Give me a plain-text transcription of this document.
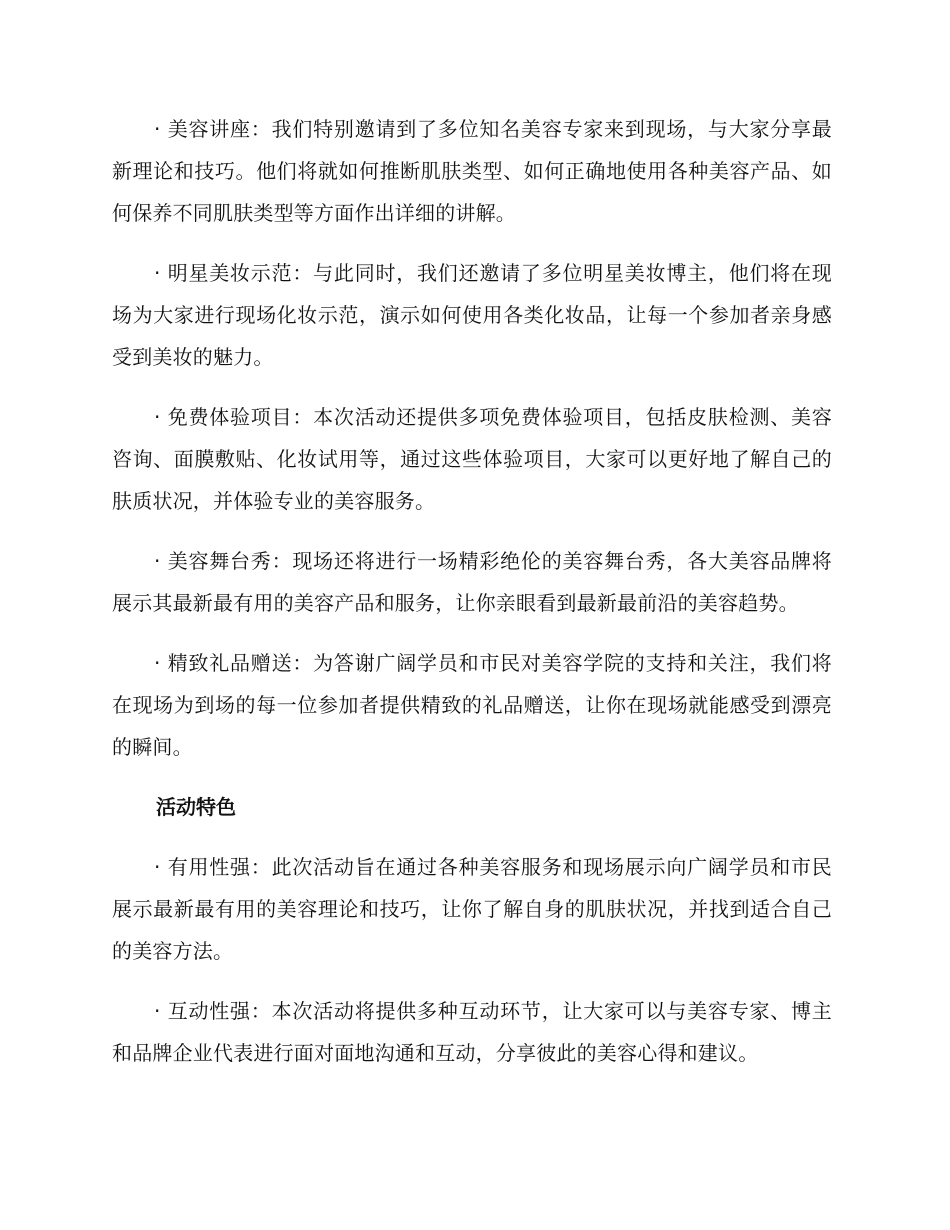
· 美容讲座：我们特别邀请到了多位知名美容专家来到现场，与大家分享最新理论和技巧。他们将就如何推断肌肤类型、如何正确地使用各种美容产品、如何保养不同肌肤类型等方面作出详细的讲解。

· 明星美妆示范：与此同时，我们还邀请了多位明星美妆博主，他们将在现场为大家进行现场化妆示范，演示如何使用各类化妆品，让每一个参加者亲身感受到美妆的魅力。

· 免费体验项目：本次活动还提供多项免费体验项目，包括皮肤检测、美容咨询、面膜敷贴、化妆试用等，通过这些体验项目，大家可以更好地了解自己的肤质状况，并体验专业的美容服务。

· 美容舞台秀：现场还将进行一场精彩绝伦的美容舞台秀，各大美容品牌将展示其最新最有用的美容产品和服务，让你亲眼看到最新最前沿的美容趋势。

· 精致礼品赠送：为答谢广阔学员和市民对美容学院的支持和关注，我们将在现场为到场的每一位参加者提供精致的礼品赠送，让你在现场就能感受到漂亮的瞬间。

活动特色

· 有用性强：此次活动旨在通过各种美容服务和现场展示向广阔学员和市民展示最新最有用的美容理论和技巧，让你了解自身的肌肤状况，并找到适合自己的美容方法。

· 互动性强：本次活动将提供多种互动环节，让大家可以与美容专家、博主和品牌企业代表进行面对面地沟通和互动，分享彼此的美容心得和建议。
